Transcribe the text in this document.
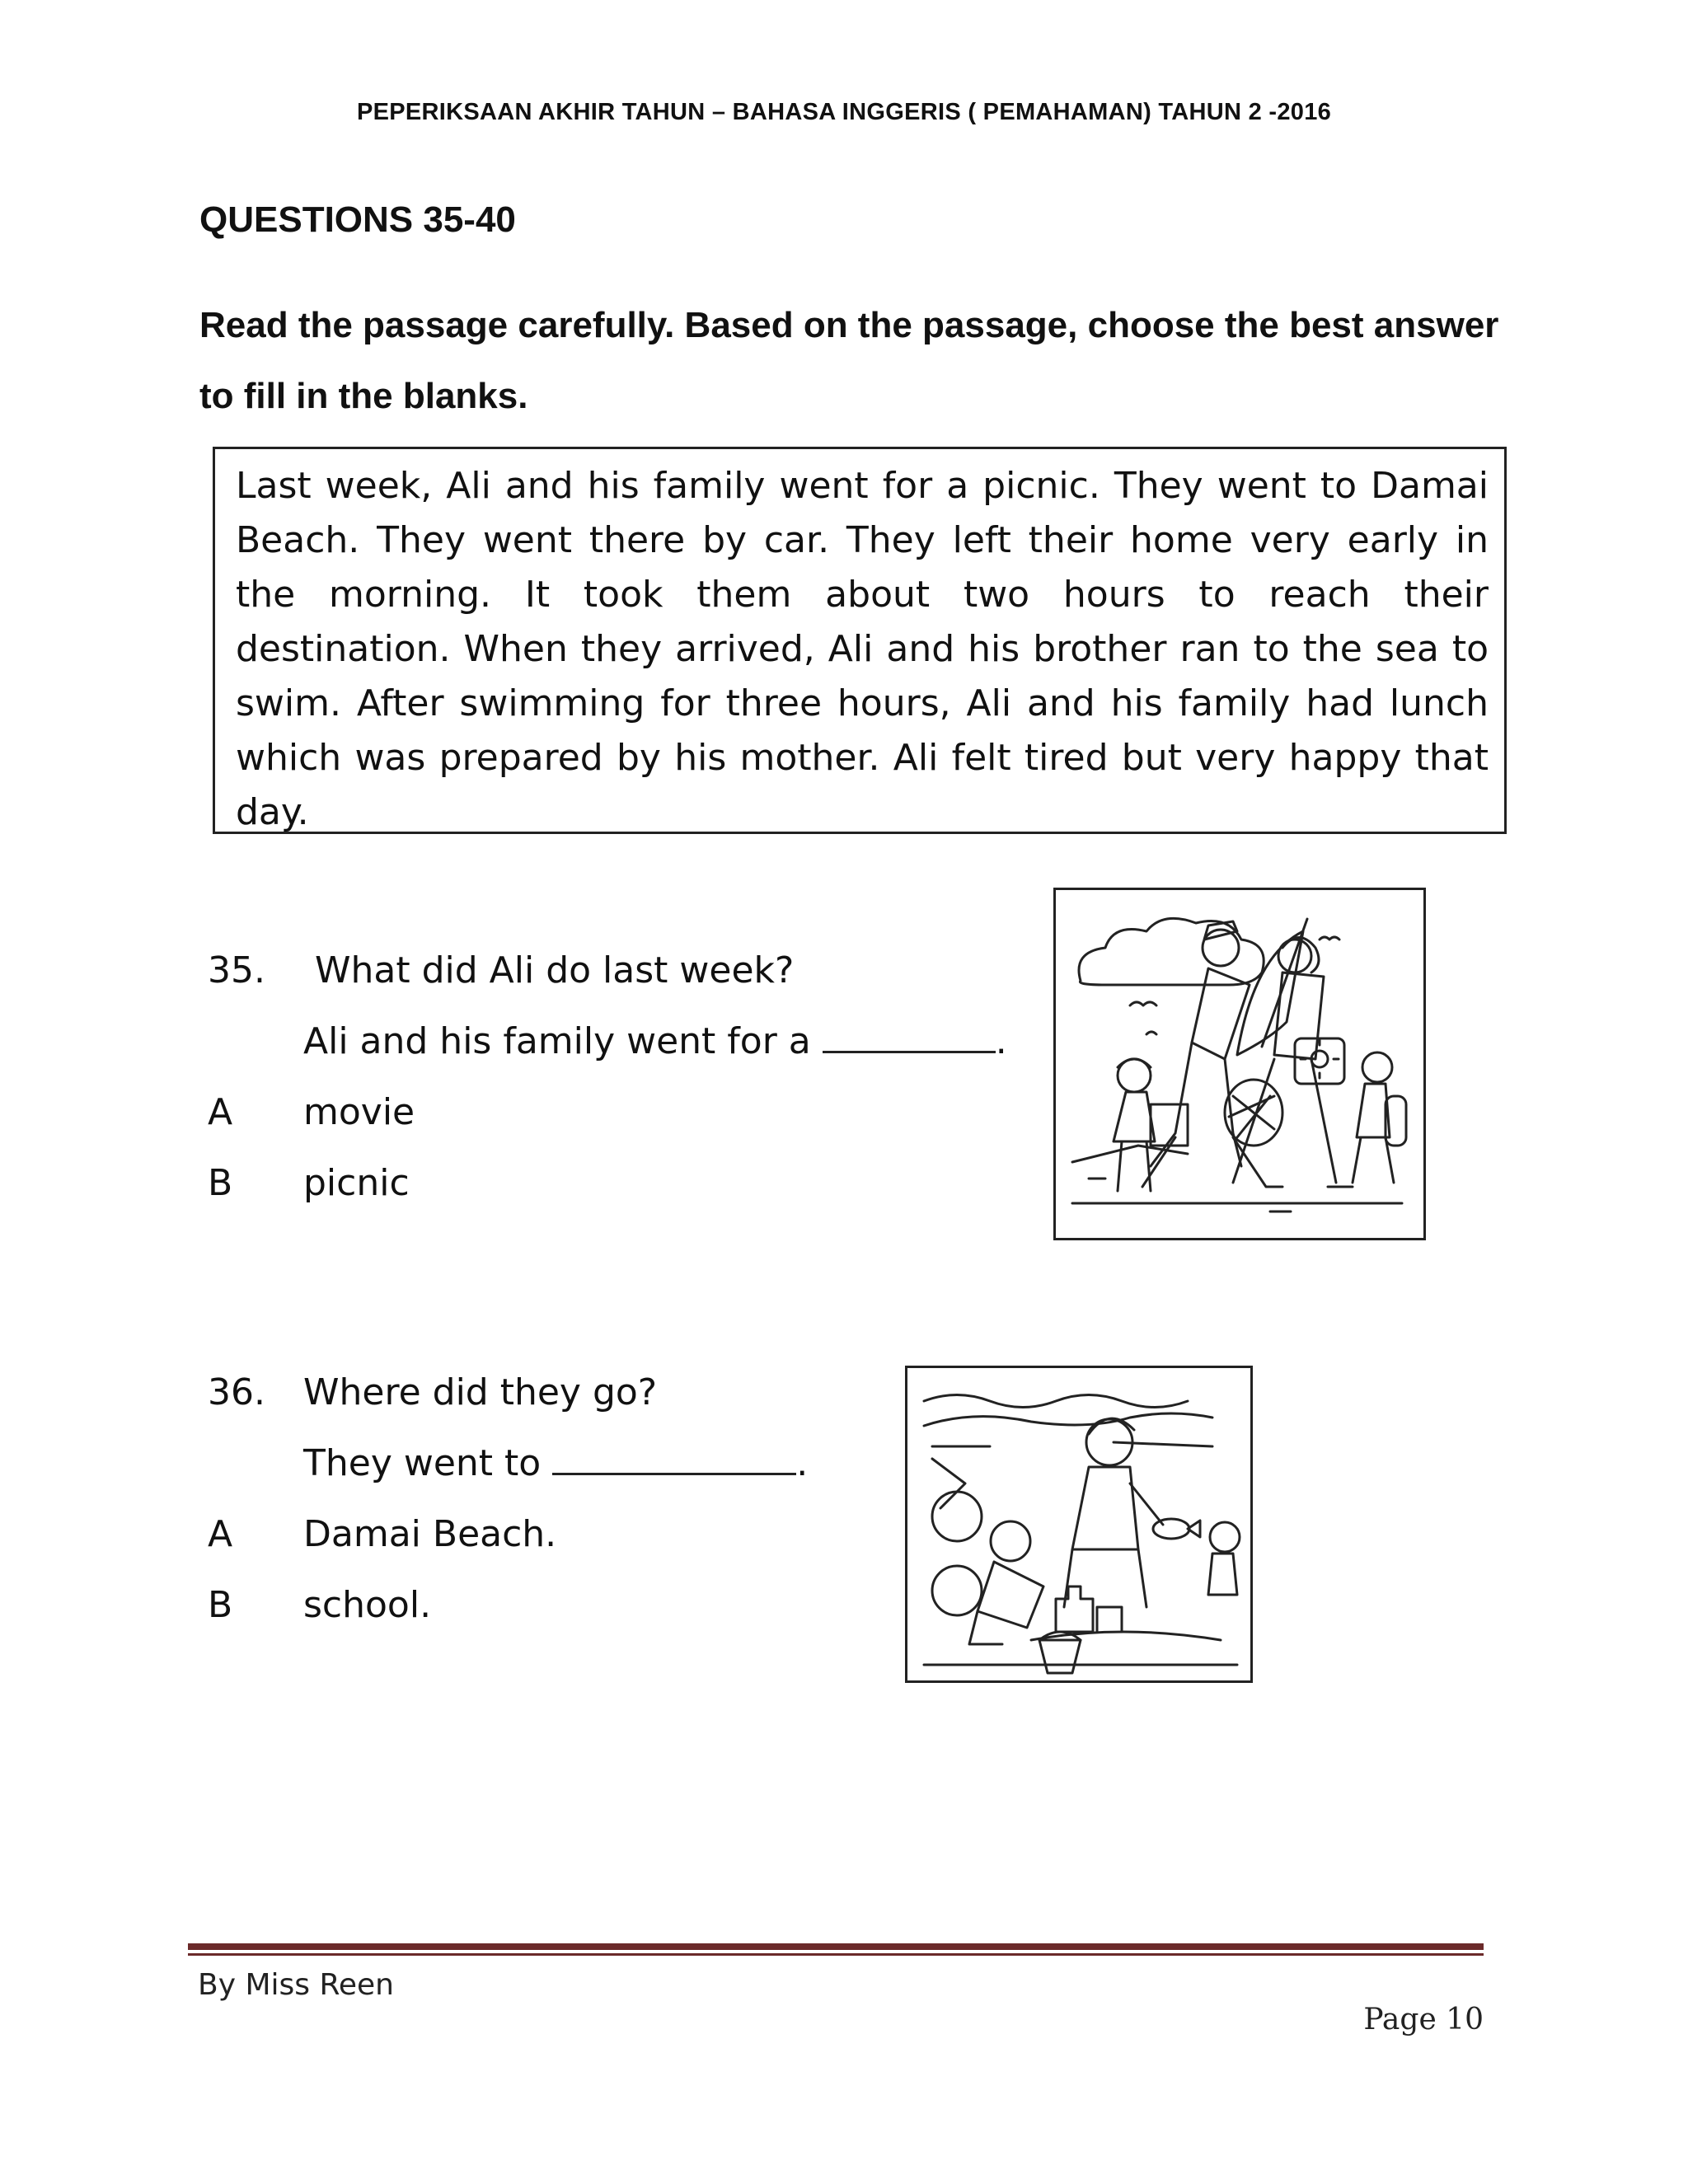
PEPERIKSAAN AKHIR TAHUN – BAHASA INGGERIS ( PEMAHAMAN) TAHUN 2 -2016
QUESTIONS 35-40
Read the passage carefully. Based on the passage, choose the best answer to fill in the blanks.
Last week, Ali and his family went for a picnic. They went to Damai Beach. They went there by car. They left their home very early in the morning. It took them about two hours to reach their destination. When they arrived, Ali and his brother ran to the sea to swim. After swimming for three hours, Ali and his family had lunch which was prepared by his mother. Ali felt tired but very happy that day.
35. What did Ali do last week?
Ali and his family went for a	.
A movie
B picnic
36. Where did they go?
They went to	.
A Damai Beach.
B school.
By Miss Reen
Page 10
